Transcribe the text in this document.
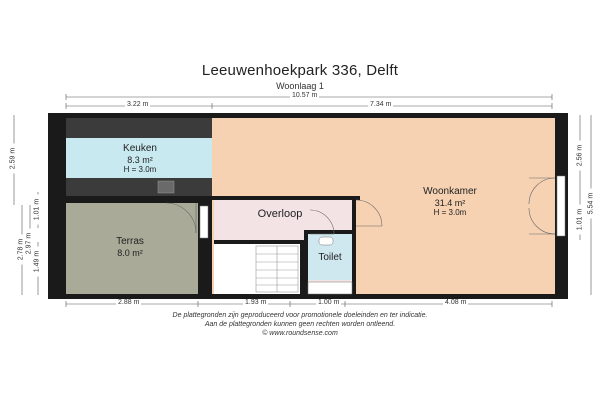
Leeuwenhoekpark 336, Delft
Woonlaag 1
10.57 m
3.22 m	7.34 m
2.88 m	1.93 m	1.00 m	4.08 m
2.59 m
2.78 m 2.97 m
1.01 m
1.49 m
2.56 m
1.01 m
5.54 m
Keuken
8.3 m²
H = 3.0m
Woonkamer
31.4 m²
H = 3.0m
Overloop
Terras
8.0 m²	Toilet
De plattegronden zijn geproduceerd voor promotionele doeleinden en ter indicatie.
Aan de plattegronden kunnen geen rechten worden ontleend.
© www.roundsense.com
